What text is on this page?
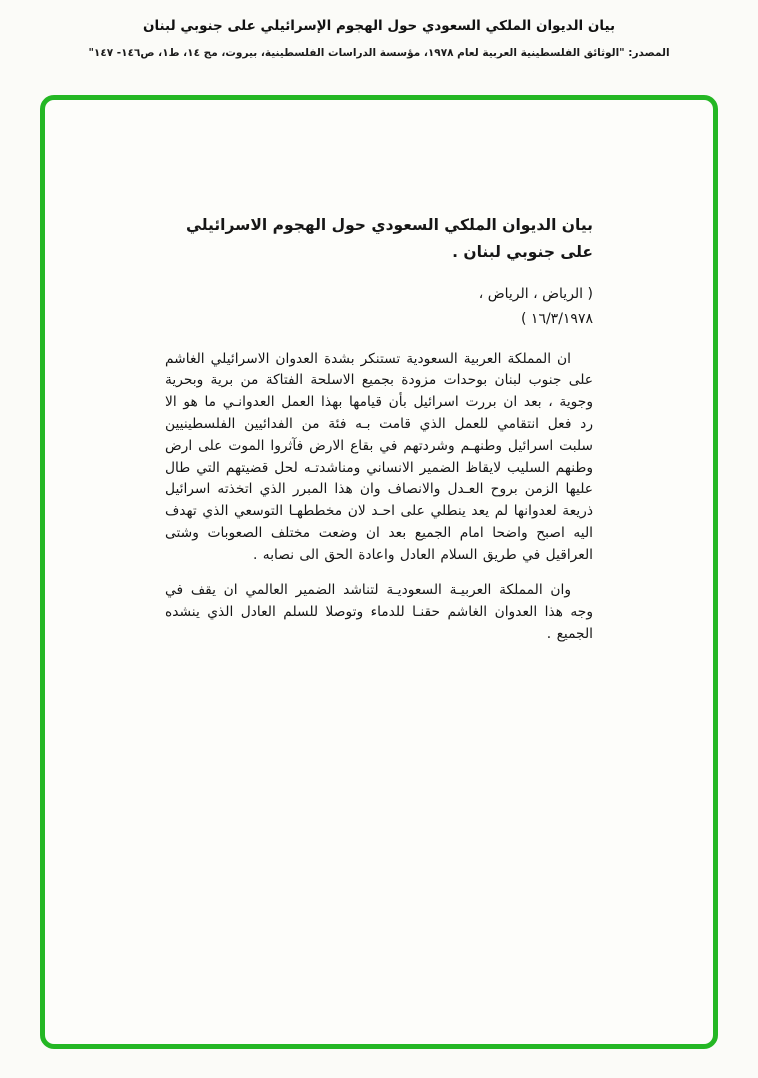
بيان الديوان الملكي السعودي حول الهجوم الإسرائيلي على جنوبي لبنان
المصدر: "الوثائق الفلسطينية العربية لعام ١٩٧٨، مؤسسة الدراسات الفلسطينية، بيروت، مج ١٤، ط١، ص١٤٦- ١٤٧"
بيان الديوان الملكي السعودي حول الهجوم الاسرائيلي
على جنوبي لبنان .
( الرياض ، الرياض ،
١٦/٣/١٩٧٨ )

ان المملكة العربية السعودية تستنكر بشدة العدوان الاسرائيلي الغاشم على جنوب لبنان بوحدات مزودة بجميع الاسلحة الفتاكة من برية وبحرية وجوية ، بعد ان بررت اسرائيل بأن قيامها بهذا العمل العدوانـي ما هو الا رد فعل انتقامي للعمل الذي قامت بـه فئة من الفدائيين الفلسطينيين سلبت اسرائيل وطنهـم وشردتهم في بقاع الارض فآثروا الموت على ارض وطنهم السليب لايقاظ الضمير الانساني ومناشدتـه لحل قضيتهم التي طال عليها الزمن بروح العـدل والانصاف وان هذا المبرر الذي اتخذته اسرائيل ذريعة لعدوانها لم يعد ينطلي على احـد لان مخططهـا التوسعي الذي تهدف اليه اصبح واضحا امام الجميع بعد ان وضعت مختلف الصعوبات وشتى العراقيل في طريق السلام العادل واعادة الحق الى نصابه .

وان المملكة العربيـة السعوديـة لتناشد الضمير العالمي ان يقف في وجه هذا العدوان الغاشم حقنـا للدماء وتوصلا للسلم العادل الذي ينشده الجميع .
